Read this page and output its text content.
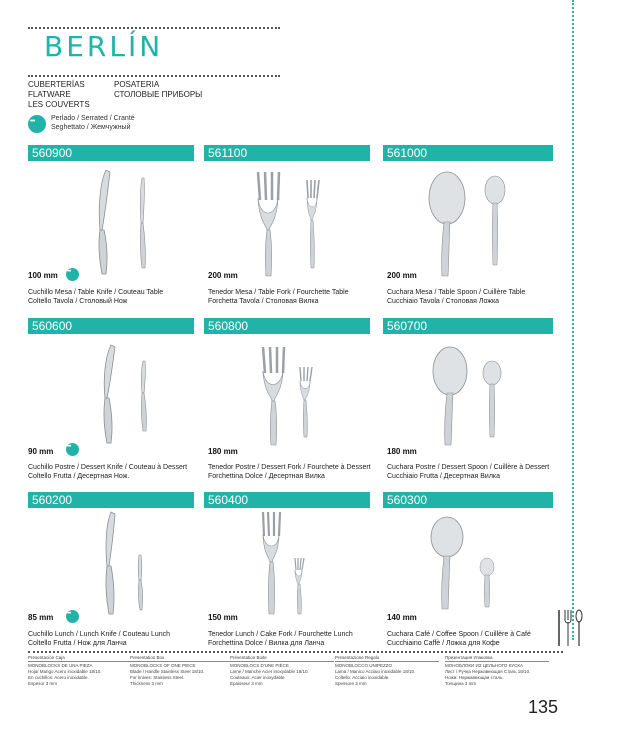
BERLÍN
CUBERTERÍAS
FLATWARE
LES COUVERTS
POSATERIA
СТОЛОВЫЕ ПРИБОРЫ
•••
Perlado / Serrated / Cranté
Seghettato / Жемчужный
560900	561100	561000
100 mm •••	200 mm	200 mm
Cuchillo Mesa / Table Knife / Couteau Table
Coltello Tavola / Столовый Нож
Tenedor Mesa / Table Fork / Fourchette Table
Forchetta Tavola / Столовая Вилка
Cuchara Mesa / Table Spoon / Cuillère Table
Cucchiaio Tavola / Столовая Ложка
560600	560800	560700
90 mm •••	180 mm	180 mm
Cuchillo Postre / Dessert Knife / Couteau à Dessert
Coltello Frutta / Десертная Нож.
Tenedor Postre / Dessert Fork / Fourchete à Dessert
Forchettina Dolce / Десертная Вилка
Cuchara Postre / Dessert Spoon / Cuillère à Dessert
Cucchiaio Frutta / Десертная Вилка
560200	560400	560300
85 mm •••	150 mm	140 mm
Cuchillo Lunch / Lunch Knife / Couteau Lunch
Coltello Frutta / Нож для Ланча
Tenedor Lunch / Cake Fork / Fourchette Lunch
Forchettina Dolce / Вилка для Ланча
Cuchara Café / Coffee Spoon / Cuillère à Café
Cucchiaino Caffè / Ложка для Кофе
Presentación Caja
MONOBLOCKS DE UNA PIEZA
Hoja/ Mango Acero inoxidable 18/10.
En cuchillos: Acero inoxidable.
Espesor 3 mm
Presentation Box
MONOBLOCKS OF ONE PIECE
Blade / Handle Stainless Steel 18/10.
For knives: Stainless Steel.
Thickness 3 mm
Présentation Boite
MONOBLOCS D'UNE PIÈCE
Lame / Manche Acier inoxydable 18/10.
Couteaux: Acier inoxydable.
Épaisseur 3 mm
Presentazione Regalo
MONOBLOCCO UNIPEZZO
Lama / Manico Acciaio inoxidable 18/10.
Coltello: Acciaio inoxidable.
Spessore 3 mm
Презентация Упаковка
МОНОБЛОКИ ИЗ ЦЕЛЬНОГО КУСКА
Лист / Ручка Нержавеющая Сталь 18/10.
Ножи: Нержавеющая сталь.
Толщина 3 mm
135
